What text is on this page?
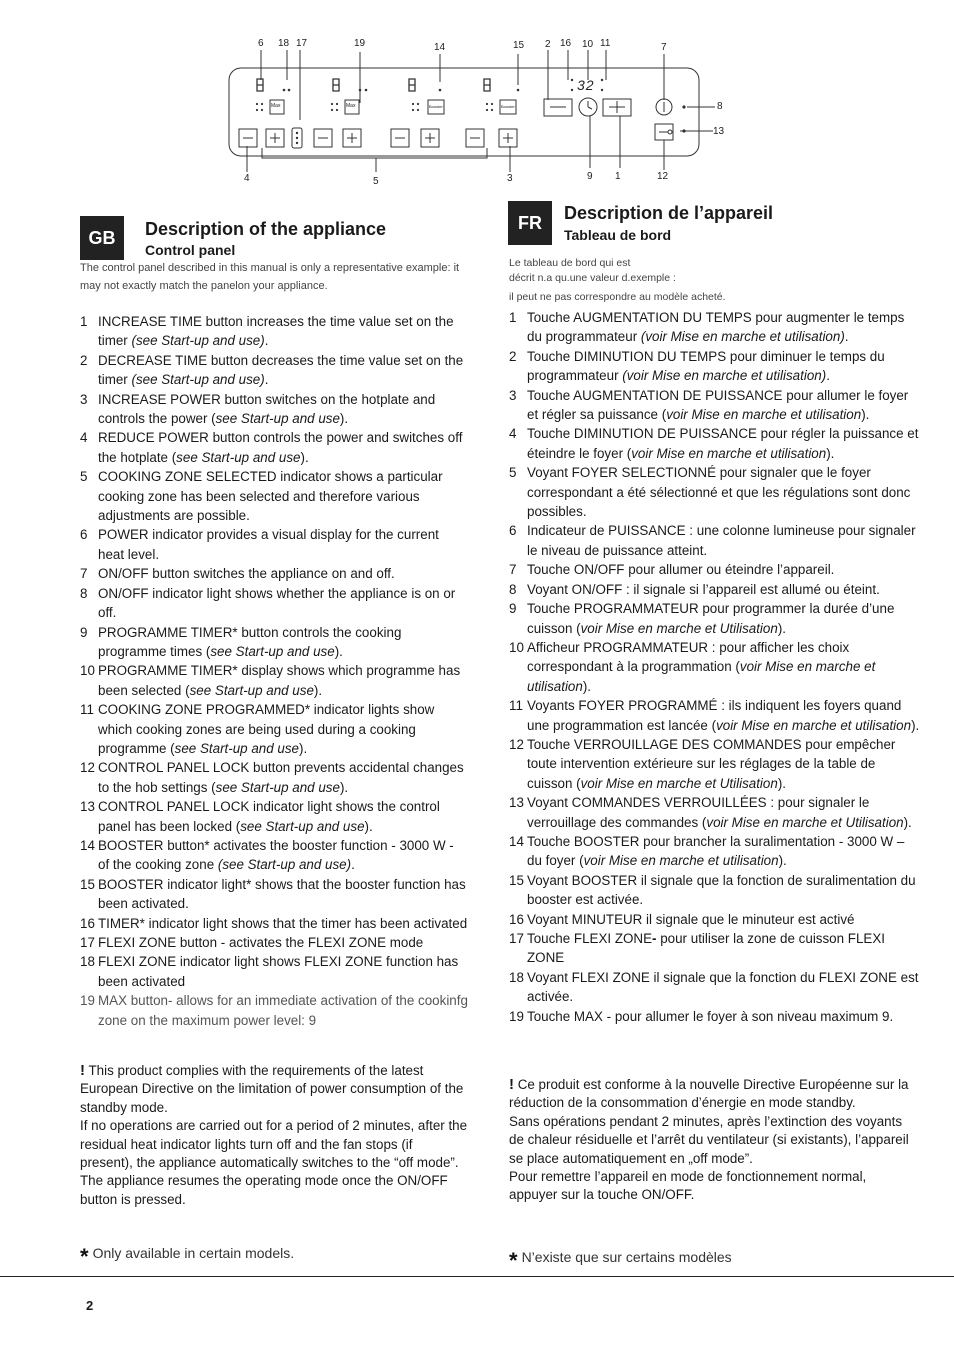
32
Max	Max	Booster	Booster
6 18 17	19	14	15 2 16 10 11	7
8
13
4	5	3	9 1	12
GB	Description of the appliance
Control panel
The control panel described in this manual is only a representative example: it may not exactly match the panelon your appliance.
1 INCREASE TIME button increases the time value set on the timer (see Start-up and use).
2 DECREASE TIME button decreases the time value set on the timer (see Start-up and use).
3 INCREASE POWER button switches on the hotplate and controls the power (see Start-up and use).
4 REDUCE POWER button controls the power and switches off the hotplate (see Start-up and use).
5 COOKING ZONE SELECTED indicator shows a particular cooking zone has been selected and therefore various adjustments are possible.
6 POWER indicator provides a visual display for the current heat level.
7 ON/OFF button switches the appliance on and off.
8 ON/OFF indicator light shows whether the appliance is on or off.
9 PROGRAMME TIMER* button controls the cooking programme times (see Start-up and use).
10 PROGRAMME TIMER* display shows which programme has been selected (see Start-up and use).
11 COOKING ZONE PROGRAMMED* indicator lights show which cooking zones are being used during a cooking programme (see Start-up and use).
12 CONTROL PANEL LOCK button prevents accidental changes to the hob settings (see Start-up and use).
13 CONTROL PANEL LOCK indicator light shows the control panel has been locked (see Start-up and use).
14 BOOSTER button* activates the booster function - 3000 W - of the cooking zone (see Start-up and use).
15 BOOSTER indicator light* shows that the booster function has been activated.
16 TIMER* indicator light shows that the timer has been activated
17 FLEXI ZONE button - activates the FLEXI ZONE mode
18 FLEXI ZONE indicator light shows FLEXI ZONE function has been activated
19 MAX button- allows for an immediate activation of the cookinfg zone on the maximum power level: 9
! This product complies with the requirements of the latest European Directive on the limitation of power consumption of the standby mode.
If no operations are carried out for a period of 2 minutes, after the residual heat indicator lights turn off and the fan stops (if present), the appliance automatically switches to the “off mode”.
The appliance resumes the operating mode once the ON/OFF button is pressed.
* Only available in certain models.
FR	Description de l’appareil
Tableau de bord
Le tableau de bord qui est
décrit n.a qu.une valeur d.exemple :
il peut ne pas correspondre au modèle acheté.
1 Touche AUGMENTATION DU TEMPS pour augmenter le temps du programmateur (voir Mise en marche et utilisation).
2 Touche DIMINUTION DU TEMPS pour diminuer le temps du programmateur (voir Mise en marche et utilisation).
3 Touche AUGMENTATION DE PUISSANCE pour allumer le foyer et régler sa puissance (voir Mise en marche et utilisation).
4 Touche DIMINUTION DE PUISSANCE pour régler la puissance et éteindre le foyer (voir Mise en marche et utilisation).
5 Voyant FOYER SELECTIONNÉ pour signaler que le foyer correspondant a été sélectionné et que les régulations sont donc possibles.
6 Indicateur de PUISSANCE : une colonne lumineuse pour signaler le niveau de puissance atteint.
7 Touche ON/OFF pour allumer ou éteindre l’appareil.
8 Voyant ON/OFF : il signale si l’appareil est allumé ou éteint.
9 Touche PROGRAMMATEUR pour programmer la durée d’une cuisson (voir Mise en marche et Utilisation).
10 Afficheur PROGRAMMATEUR : pour afficher les choix correspondant à la programmation (voir Mise en marche et utilisation).
11 Voyants FOYER PROGRAMMÉ : ils indiquent les foyers quand une programmation est lancée (voir Mise en marche et utilisation).
12 Touche VERROUILLAGE DES COMMANDES pour empêcher toute intervention extérieure sur les réglages de la table de cuisson (voir Mise en marche et Utilisation).
13 Voyant COMMANDES VERROUILLÉES : pour signaler le verrouillage des commandes (voir Mise en marche et Utilisation).
14 Touche BOOSTER pour brancher la suralimentation - 3000 W – du foyer (voir Mise en marche et utilisation).
15 Voyant BOOSTER il signale que la fonction de suralimentation du booster est activée.
16 Voyant MINUTEUR il signale que le minuteur est activé
17 Touche FLEXI ZONE- pour utiliser la zone de cuisson FLEXI ZONE
18 Voyant FLEXI ZONE il signale que la fonction du FLEXI ZONE est activée.
19 Touche MAX - pour allumer le foyer à son niveau maximum 9.
! Ce produit est conforme à la nouvelle Directive Européenne sur la réduction de la consommation d’énergie en mode standby.
Sans opérations pendant 2 minutes, après l’extinction des voyants de chaleur résiduelle et l’arrêt du ventilateur (si existants), l’appareil se place automatiquement en „off mode”.
Pour remettre l’appareil en mode de fonctionnement normal, appuyer sur la touche ON/OFF.
* N’existe que sur certains modèles
2
